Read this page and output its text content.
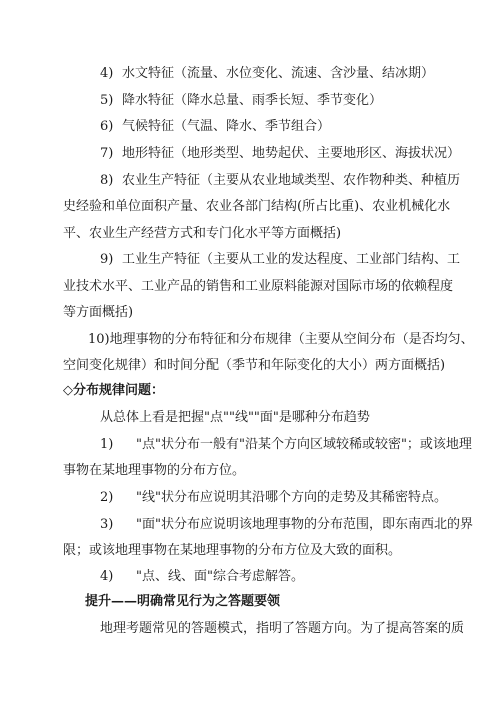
4) 水文特征（流量、水位变化、流速、含沙量、结冰期）
5) 降水特征（降水总量、雨季长短、季节变化）
6) 气候特征（气温、降水、季节组合）
7) 地形特征（地形类型、地势起伏、主要地形区、海拔状况）
8) 农业生产特征（主要从农业地域类型、农作物种类、种植历
史经验和单位面积产量、农业各部门结构(所占比重)、农业机械化水
平、农业生产经营方式和专门化水平等方面概括)
9) 工业生产特征（主要从工业的发达程度、工业部门结构、工
业技术水平、工业产品的销售和工业原料能源对国际市场的依赖程度
等方面概括)
10)地理事物的分布特征和分布规律（主要从空间分布（是否均匀、
空间变化规律）和时间分配（季节和年际变化的大小）两方面概括)
◇分布规律问题：
从总体上看是把握"点""线""面"是哪种分布趋势
1) "点"状分布一般有"沿某个方向区域较稀或较密"；或该地理
事物在某地理事物的分布方位。
2) "线"状分布应说明其沿哪个方向的走势及其稀密特点。
3) "面"状分布应说明该地理事物的分布范围，即东南西北的界
限；或该地理事物在某地理事物的分布方位及大致的面积。
4) "点、线、面"综合考虑解答。
提升——明确常见行为之答题要领
地理考题常见的答题模式，指明了答题方向。为了提高答案的质
